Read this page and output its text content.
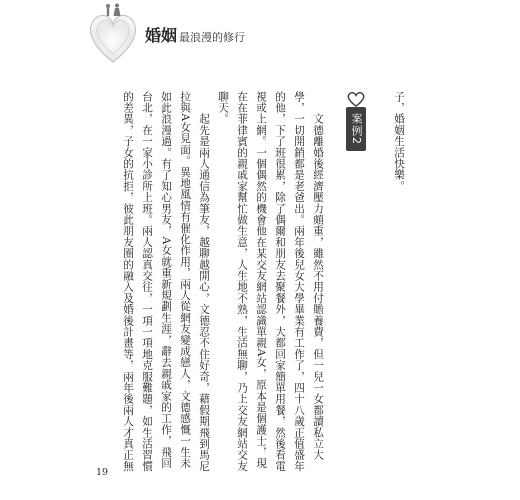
婚姻 最浪漫的修行
子，婚姻生活快樂。
案例2
　　文德離婚後經濟壓力頗重，雖然不用付贍養費，但一兒一女都讀私立大
學，一切開銷都是老爸出。兩年後兒女大學畢業有工作了，四十八歲正值盛年
的他，下了班很累，除了偶爾和朋友去聚餐外，大都回家簡單用餐，然後看電
視或上網。一個偶然的機會他在某交友網站認識單親A女，原本是個護士，現
在在菲律賓的親戚家幫忙做生意，人生地不熟，生活無聊，乃上交友網站交友
聊天。
　　起先是兩人通信為筆友，越聊越開心，文德忍不住好奇，藉假期飛到馬尼
拉與A女見面。異地風情有催化作用，兩人從網友變成戀人，文德感慨一生未
如此浪漫過。有了知心男友，A女就重新規劃生涯，辭去親戚家的工作，飛回
台北，在一家小診所上班。兩人認真交往，一項一項地克服難題，如生活習慣
的差異，子女的抗拒，彼此朋友圈的融入及婚後計畫等，兩年後兩人才真正無
19
